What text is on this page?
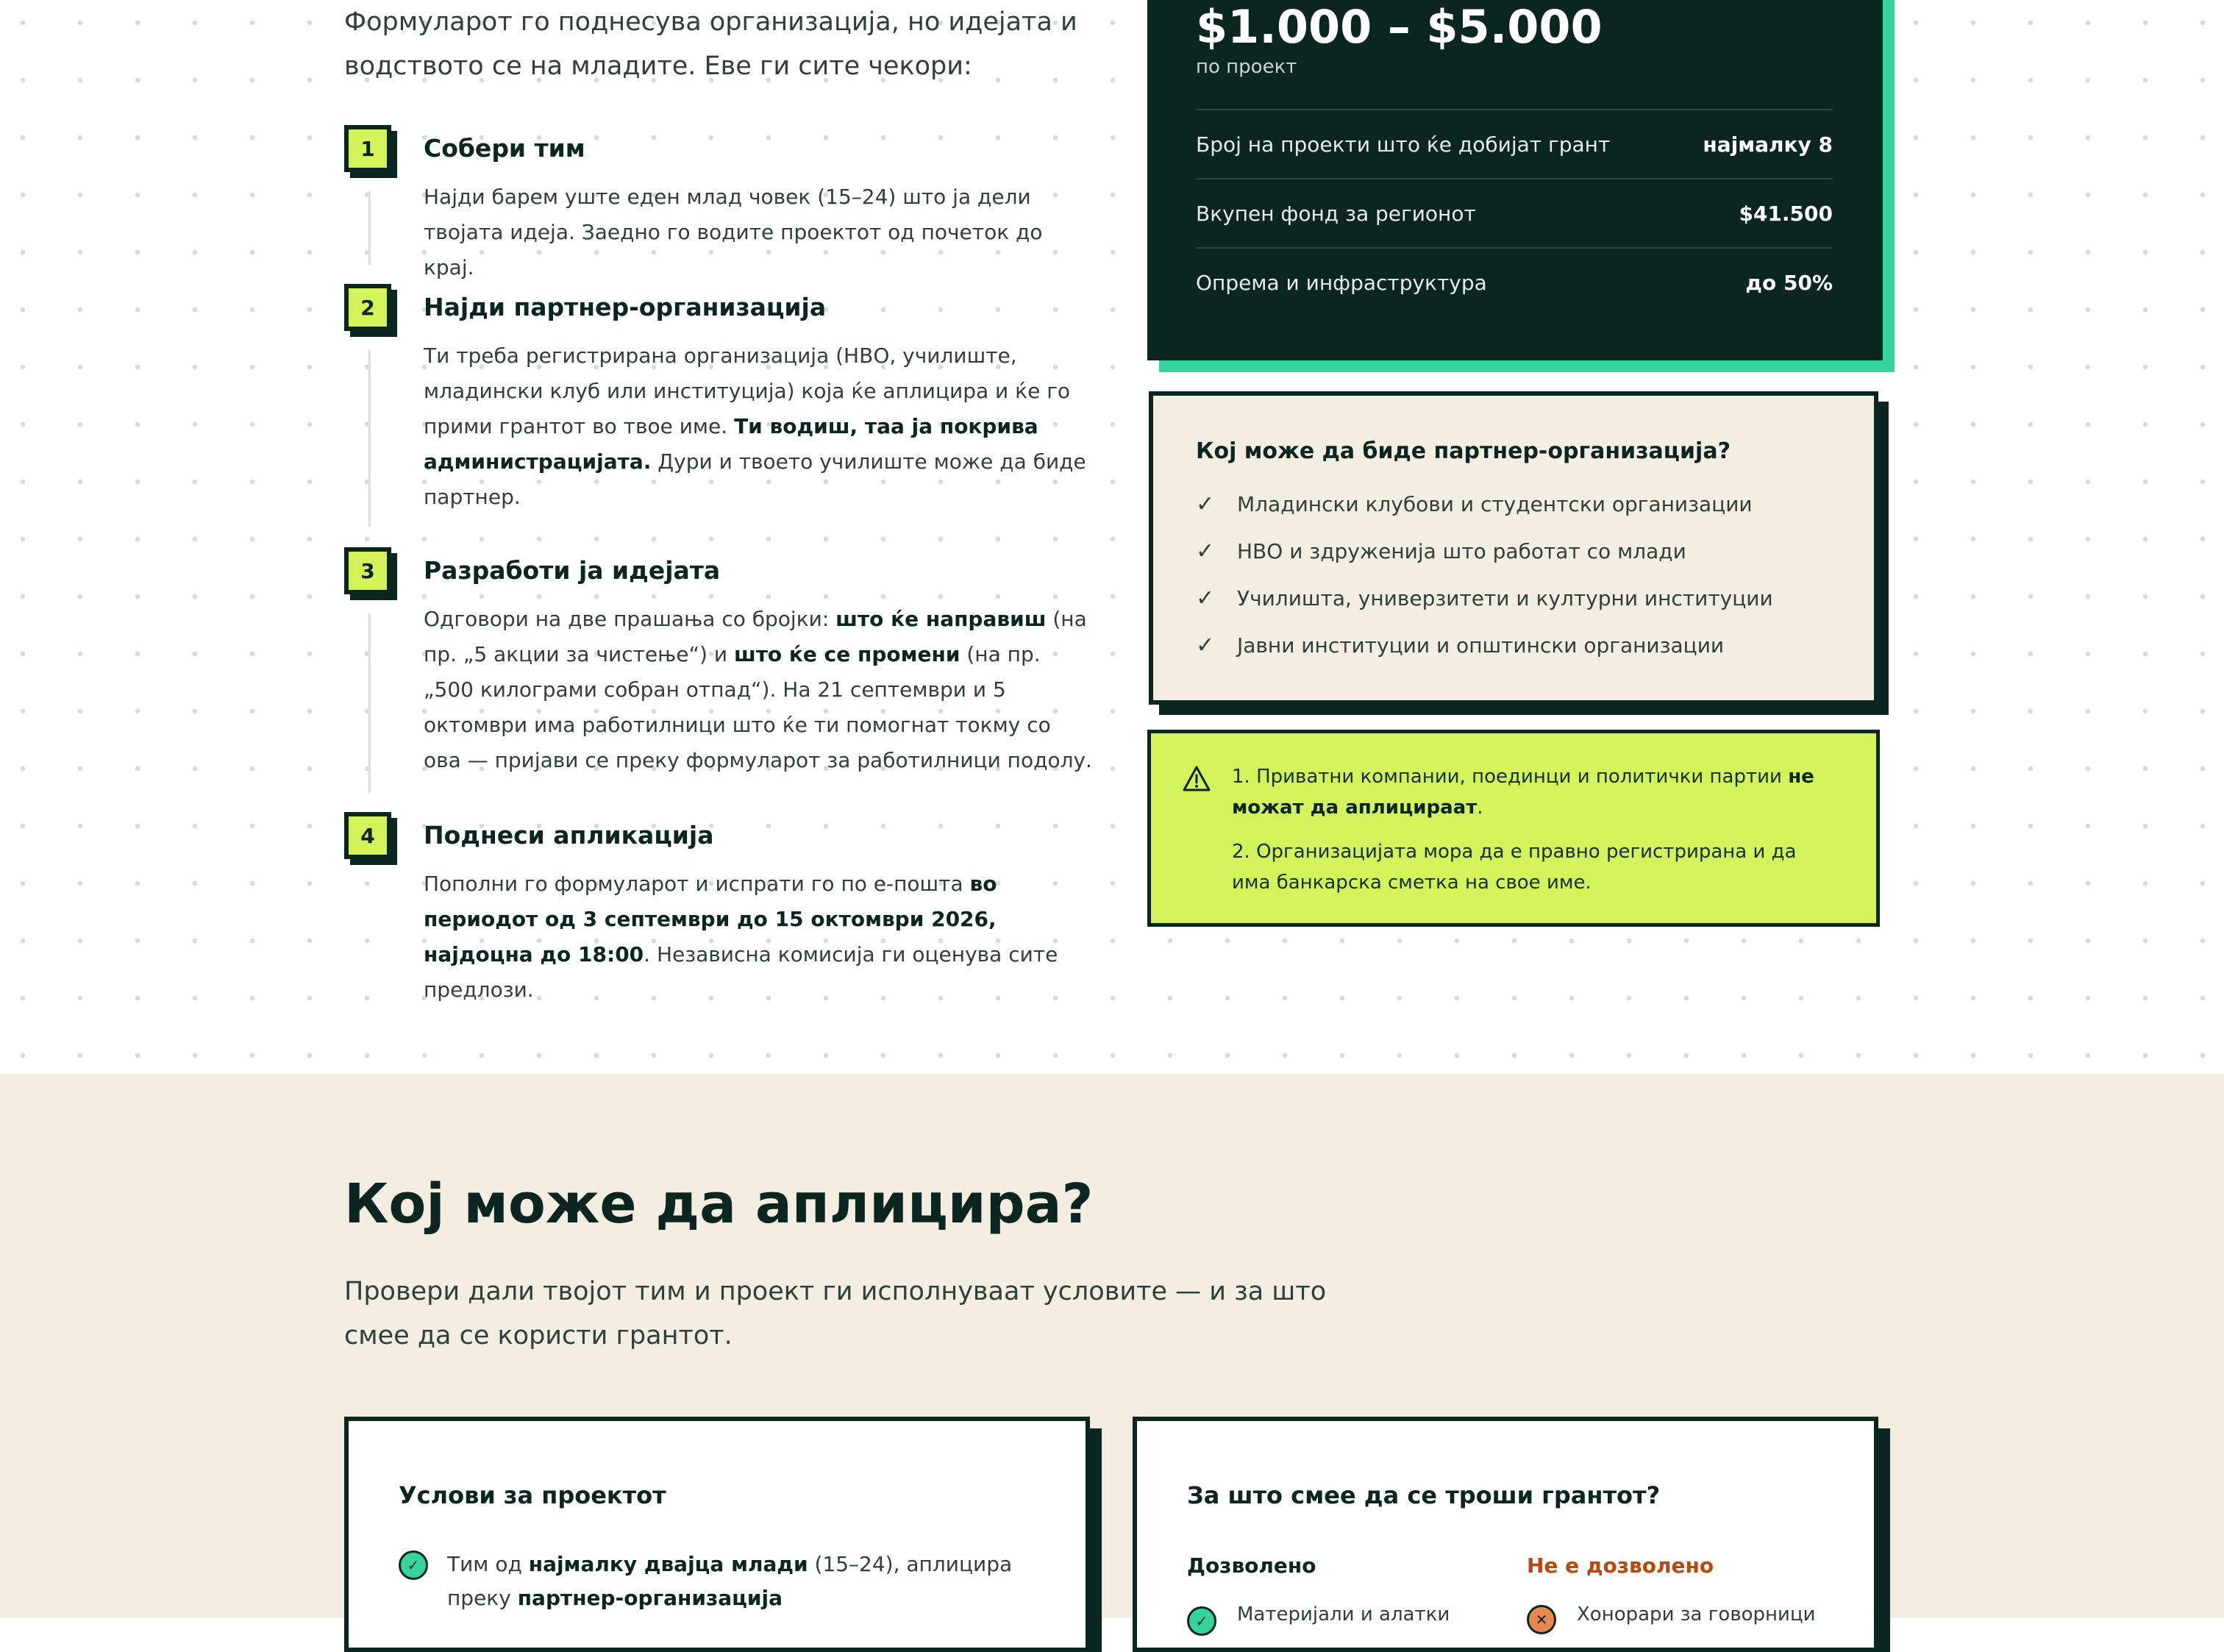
Формуларот го поднесува организација, но идејата и
водството се на младите. Еве ги сите чекори:
1	Собери тим
Најди барем уште еден млад човек (15–24) што ја дели твојата идеја. Заедно го водите проектот од почеток до крај.
2	Најди партнер-организација
Ти треба регистрирана организација (НВО, училиште, младински клуб или институција) која ќе аплицира и ќе го прими грантот во твое име. Ти водиш, таа ја покрива администрацијата. Дури и твоето училиште може да биде партнер.
3	Разработи ја идејата
Одговори на две прашања со бројки: што ќе направиш (на пр. „5 акции за чистење“) и што ќе се промени (на пр. „500 килограми собран отпад“). На 21 септември и 5 октомври има работилници што ќе ти помогнат токму со ова — пријави се преку формуларот за работилници подолу.
4	Поднеси апликација
Пополни го формуларот и испрати го по е-пошта во периодот од 3 септември до 15 октомври 2026, најдоцна до 18:00. Независна комисија ги оценува сите предлози.
$1.000 – $5.000
по проект
Број на проекти што ќе добијат грант	најмалку 8
Вкупен фонд за регионот	$41.500
Опрема и инфраструктура	до 50%
Кој може да биде партнер-организација?
✓ Младински клубови и студентски организации
✓ НВО и здруженија што работат со млади
✓ Училишта, универзитети и културни институции
✓ Јавни институции и општински организации
1. Приватни компании, поединци и политички партии не можат да аплицираат.
2. Организацијата мора да е правно регистрирана и да има банкарска сметка на свое име.
Кој може да аплицира?
Провери дали твојот тим и проект ги исполнуваат условите — и за што смее да се користи грантот.
Услови за проектот
✓	Тим од најмалку двајца млади (15–24), аплицира преку партнер-организација
За што смее да се троши грантот?
Дозволено	Не е дозволено
✓	Материјали и алатки	✕	Хонорари за говорници
